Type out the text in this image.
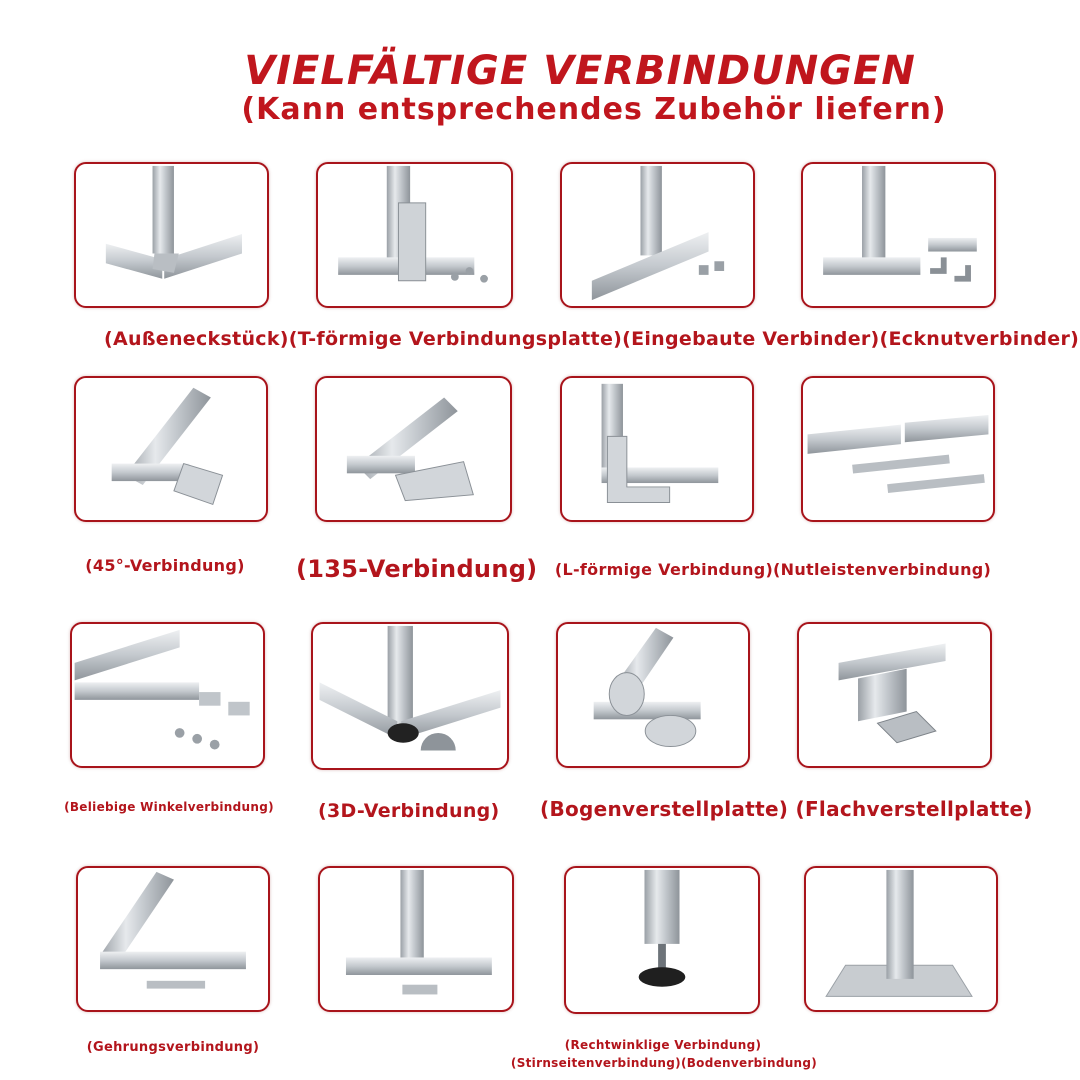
VIELFÄLTIGE VERBINDUNGEN
(Kann entsprechendes Zubehör liefern)
(Außeneckstück)(T-förmige Verbindungsplatte)(Eingebaute Verbinder)(Ecknutverbinder)
(45°-Verbindung)	(135-Verbindung)	(L-förmige Verbindung)(Nutleistenverbindung)
(Beliebige Winkelverbindung) (3D-Verbindung) (Bogenverstellplatte) (Flachverstellplatte)
(Gehrungsverbindung)	(Rechtwinklige Verbindung)
(Stirnseitenverbindung)(Bodenverbindung)
